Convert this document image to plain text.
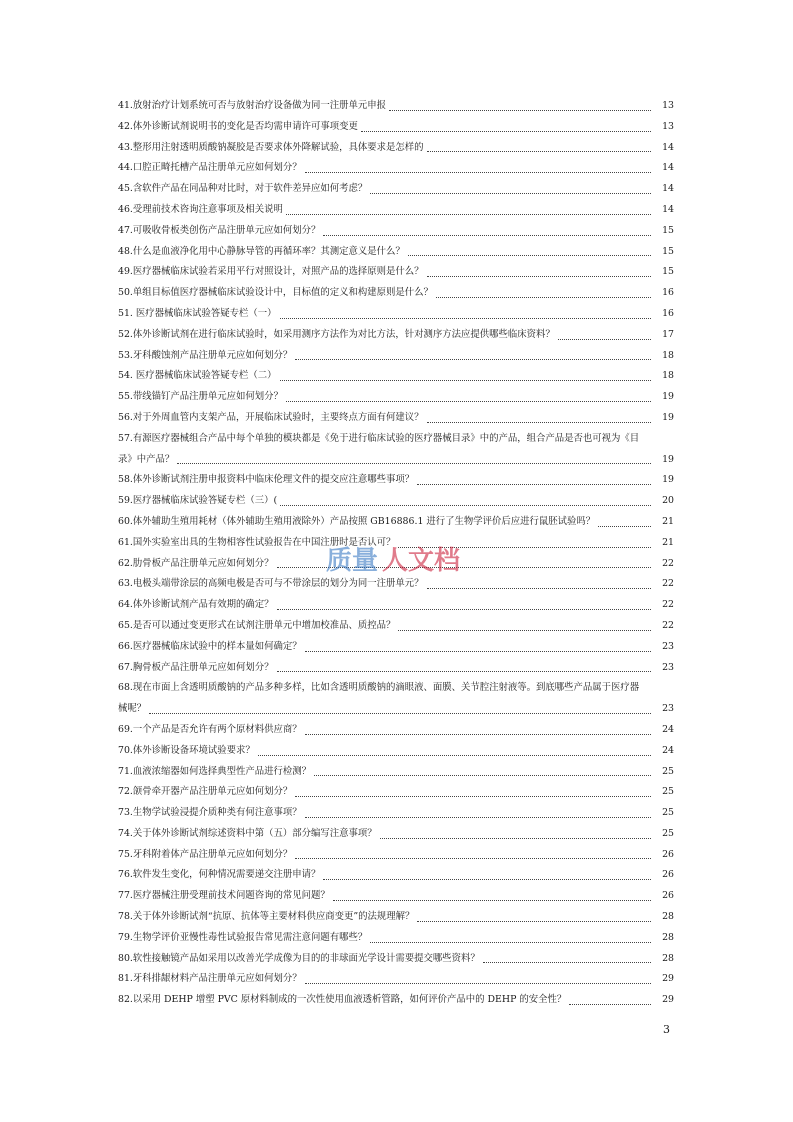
41.放射治疗计划系统可否与放射治疗设备做为同一注册单元申报	13
42.体外诊断试剂说明书的变化是否均需申请许可事项变更	13
43.整形用注射透明质酸钠凝胶是否要求体外降解试验，具体要求是怎样的	14
44.口腔正畸托槽产品注册单元应如何划分？	14
45.含软件产品在同品种对比时，对于软件差异应如何考虑？	14
46.受理前技术咨询注意事项及相关说明	14
47.可吸收骨板类创伤产品注册单元应如何划分？	15
48.什么是血液净化用中心静脉导管的再循环率？其测定意义是什么？	15
49.医疗器械临床试验若采用平行对照设计，对照产品的选择原则是什么？	15
50.单组目标值医疗器械临床试验设计中，目标值的定义和构建原则是什么？	16
51. 医疗器械临床试验答疑专栏（一）	16
52.体外诊断试剂在进行临床试验时，如采用测序方法作为对比方法，针对测序方法应提供哪些临床资料？	17
53.牙科酸蚀剂产品注册单元应如何划分？	18
54. 医疗器械临床试验答疑专栏（二）	18
55.带线锚钉产品注册单元应如何划分？	19
56.对于外周血管内支架产品，开展临床试验时，主要终点方面有何建议？	19
57.有源医疗器械组合产品中每个单独的模块都是《免于进行临床试验的医疗器械目录》中的产品，组合产品是否也可视为《目
录》中产品？	19
58.体外诊断试剂注册申报资料中临床伦理文件的提交应注意哪些事项？	19
59.医疗器械临床试验答疑专栏（三）(	20
60.体外辅助生殖用耗材（体外辅助生殖用液除外）产品按照 GB16886.1 进行了生物学评价后应进行鼠胚试验吗？	21
61.国外实验室出具的生物相容性试验报告在中国注册时是否认可？	21
62.肋骨板产品注册单元应如何划分？	22
63.电极头端带涂层的高频电极是否可与不带涂层的划分为同一注册单元？	22
64.体外诊断试剂产品有效期的确定？	22
65.是否可以通过变更形式在试剂注册单元中增加校准品、质控品？	22
66.医疗器械临床试验中的样本量如何确定？	23
67.胸骨板产品注册单元应如何划分？	23
68.现在市面上含透明质酸钠的产品多种多样，比如含透明质酸钠的滴眼液、面膜、关节腔注射液等。到底哪些产品属于医疗器
械呢？	23
69.一个产品是否允许有两个原材料供应商？	24
70.体外诊断设备环境试验要求？	24
71.血液浓缩器如何选择典型性产品进行检测？	25
72.颌骨牵开器产品注册单元应如何划分？	25
73.生物学试验浸提介质种类有何注意事项？	25
74.关于体外诊断试剂综述资料中第（五）部分编写注意事项？	25
75.牙科附着体产品注册单元应如何划分？	26
76.软件发生变化，何种情况需要递交注册申请？	26
77.医疗器械注册受理前技术问题咨询的常见问题？	26
78.关于体外诊断试剂“抗原、抗体等主要材料供应商变更”的法规理解？	28
79.生物学评价亚慢性毒性试验报告常见需注意问题有哪些？	28
80.软性接触镜产品如采用以改善光学成像为目的的非球面光学设计需要提交哪些资料？	28
81.牙科排龈材料产品注册单元应如何划分？	29
82.以采用 DEHP 增塑 PVC 原材料制成的一次性使用血液透析管路，如何评价产品中的 DEHP 的安全性？	29
质量 人文档
3
